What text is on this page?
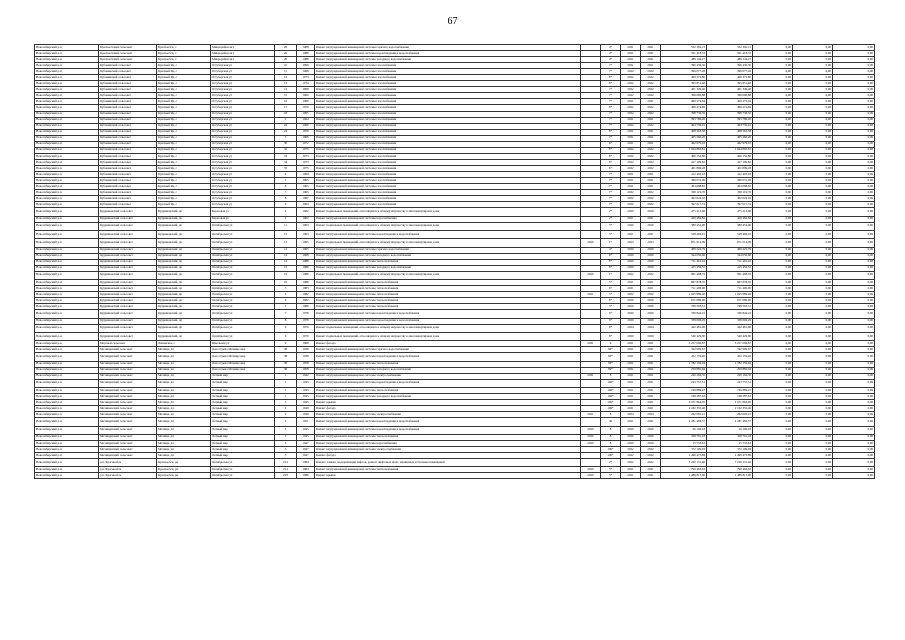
67
Новосибирский р-н	Краснообский сельсовет	Краснообск, с	Микрорайон мгу	26	1988	Ремонт внутридомовой инженерной системы горячего водоснабжения		4*	2021	2021	552 392,15	552 392,15	0,00	0,00	0,00
Новосибирский р-н	Краснообский сельсовет	Краснообск, с	Микрорайон мгу	26	1988	Ремонт внутридомовой инженерной системы водоотведения и водоснабжения		4*	2021	2021	591 418,33	591 418,33	0,00	0,00	0,00
Новосибирский р-н	Краснообский сельсовет	Краснообск, с	Микрорайон мгу	26	1988	Ремонт внутридомовой инженерной системы холодного водоснабжения		4*	2021	2021	489 144,27	489 144,27	0,00	0,00	0,00
Новосибирский р-н	Кубовинский сельсовет	Красный Яр, с	Octyбepская ул	10	1966	Ремонт внутридомовой инженерной системы газоснабжения		7*	2021	2021	396 436,36	396 436,36	0,00	0,00	0,00
Новосибирский р-н	Кубовинский сельсовет	Красный Яр, с	Octyбepская ул	11	1968	Ремонт внутридомовой инженерной системы газоснабжения		7*	2022	2022	399 077,26	399 077,26	0,00	0,00	0,00
Новосибирский р-н	Кубовинский сельсовет	Красный Яр, с	Octyбepская ул	12	1973	Ремонт внутридомовой инженерной системы газоснабжения		6*	2022	2022	409 372,80	409 372,80	0,00	0,00	0,00
Новосибирский р-н	Кубовинский сельсовет	Красный Яр, с	Octyбepская ул	13	1974	Ремонт внутридомовой инженерной системы газоснабжения		6*	2022	2022	395 851,48	395 851,48	0,00	0,00	0,00
Новосибирский р-н	Кубовинский сельсовет	Красный Яр, с	Octyбepская ул	14	1968	Ремонт внутридомовой инженерной системы газоснабжения		7*	2022	2022	401 349,40	401 349,40	0,00	0,00	0,00
Новосибирский р-н	Кубовинский сельсовет	Красный Яр, с	Octyбepская ул	15	1969	Ремонт внутридомовой инженерной системы газоснабжения		7*	2022	2022	398 090,88	398 090,88	0,00	0,00	0,00
Новосибирский р-н	Кубовинский сельсовет	Красный Яр, с	Octyбepская ул	16	1969	Ремонт внутридомовой инженерной системы газоснабжения		7*	2021	2021	400 274,64	400 274,64	0,00	0,00	0,00
Новосибирский р-н	Кубовинский сельсовет	Красный Яр, с	Octyбepская ул	17	1970	Ремонт внутридомовой инженерной системы газоснабжения		6*	2022	2022	406 274,69	406 274,69	0,00	0,00	0,00
Новосибирский р-н	Кубовинский сельсовет	Красный Яр, с	Octyбepская ул	18	1965	Ремонт внутридомовой инженерной системы газоснабжения		7*	2022	2022	398 736,35	398 736,35	0,00	0,00	0,00
Новосибирский р-н	Кубовинский сельсовет	Красный Яр, с	Octyбepская ул	2	1964	Ремонт внутридомовой инженерной системы газоснабжения		7*	2021	2021	393 786,20	393 786,20	0,00	0,00	0,00
Новосибирский р-н	Кубовинский сельсовет	Красный Яр, с	Octyбepская ул	22	1966	Ремонт внутридомовой инженерной системы газоснабжения		7*	2022	2022	404 736,01	404 736,01	0,00	0,00	0,00
Новосибирский р-н	Кубовинский сельсовет	Красный Яр, с	Octyбepская ул	24	1970	Ремонт внутридомовой инженерной системы газоснабжения		6*	2021	2021	408 563,58	408 563,58	0,00	0,00	0,00
Новосибирский р-н	Кубовинский сельсовет	Красный Яр, с	Octyбepская ул	3	1966	Ремонт внутридомовой инженерной системы газоснабжения		7*	2021	2021	405 266,20	405 266,20	0,00	0,00	0,00
Новосибирский р-н	Кубовинский сельсовет	Красный Яр, с	Octyбepская ул	30	1972	Ремонт внутридомовой инженерной системы газоснабжения		6*	2021	2021	462 979,10	462 979,10	0,00	0,00	0,00
Новосибирский р-н	Кубовинский сельсовет	Красный Яр, с	Octyбepская ул	32	1975	Ремонт внутридомовой инженерной системы газоснабжения		6*	2022	2022	1 044 865,81	1 044 865,81	0,00	0,00	0,00
Новосибирский р-н	Кубовинский сельсовет	Красный Яр, с	Octyбepская ул	33	1973	Ремонт внутридомовой инженерной системы газоснабжения		6*	2022	2022	406 156,80	406 156,80	0,00	0,00	0,00
Новосибирский р-н	Кубовинский сельсовет	Красный Яр, с	Octyбepская ул	34	1973	Ремонт внутридомовой инженерной системы газоснабжения		6*	2022	2022	417 109,62	417 109,62	0,00	0,00	0,00
Новосибирский р-н	Кубовинский сельсовет	Красный Яр, с	Octyбepская ул	35	1975	Ремонт внутридомовой инженерной системы газоснабжения		6*	2022	2022	401 899,28	401 899,28	0,00	0,00	0,00
Новосибирский р-н	Кубовинский сельсовет	Красный Яр, с	Octyбepская ул	4	1964	Ремонт внутридомовой инженерной системы газоснабжения		7*	2021	2021	412 403,43	412 403,43	0,00	0,00	0,00
Новосибирский р-н	Кубовинский сельсовет	Красный Яр, с	Octyбepская ул	5	1965	Ремонт внутридомовой инженерной системы газоснабжения		7*	2021	2021	396 031,06	396 031,06	0,00	0,00	0,00
Новосибирский р-н	Кубовинский сельсовет	Красный Яр, с	Octyбepская ул	6	1965	Ремонт внутридомовой инженерной системы газоснабжения		7*	2021	2021	404 688,82	404 688,82	0,00	0,00	0,00
Новосибирский р-н	Кубовинский сельсовет	Красный Яр, с	Octyбepская ул	7	1965	Ремонт внутридомовой инженерной системы газоснабжения		7*	2022	2022	390 119,70	390 119,70	0,00	0,00	0,00
Новосибирский р-н	Кубовинский сельсовет	Красный Яр, с	Octyбepская ул	8	1967	Ремонт внутридомовой инженерной системы газоснабжения		7*	2022	2022	402 024,10	402 024,10	0,00	0,00	0,00
Новосибирский р-н	Кубовинский сельсовет	Красный Яр, с	Octyбepская ул	9	1964	Ремонт внутридомовой инженерной системы газоснабжения		7*	2022	2022	397 017,74	397 017,74	0,00	0,00	0,00
Новосибирский р-н	Кудряшовский сельсовет	Кудряшовский, дп	Береговая ул	2	1962	Ремонт подвальных помещений, относящихся к общему имуществу в многоквартирном доме		2*	2020	2020	475 213,00	475 213,00	0,00	0,00	0,00
Новосибирский р-н	Кудряшовский сельсовет	Кудряшовский, дп	Береговая ул	2	1962	Ремонт внутридомовой инженерной системы водоснабжения		2*	2021	2021	420 482,82	420 482,82	0,00	0,00	0,00
Новосибирский р-н	Кудряшовский сельсовет	Кудряшовский, дп	Октябрьская ул	11	1963	Ремонт подвальных помещений, относящихся к общему имуществу в многоквартирном доме		5*	2020	2020	380 454,06	380 454,06	0,00	0,00	0,00
Новосибирский р-н	Кудряшовский сельсовет	Кудряшовский, дп	Октябрьская ул	12	1963	Ремонт внутридомовой инженерной системы водоотведения и водоснабжения		5*	2021	2021	528 469,01	528 469,01	0,00	0,00	0,00
Новосибирский р-н	Кудряшовский сельсовет	Кудряшовский, дп	Октябрьская ул	13	1965	Ремонт подвальных помещений, относящихся к общему имуществу в многоквартирном доме	2020	1*	2023	2023	871 014,09	871 014,09	0,00	0,00	0,00
Новосибирский р-н	Кудряшовский сельсовет	Кудряшовский, дп	Октябрьская ул	13	1965	Ремонт внутридомовой инженерной системы горячего водоснабжения		4*	2020	2020	409 222,79	409 222,79	0,00	0,00	0,00
Новосибирский р-н	Кудряшовский сельсовет	Кудряшовский, дп	Октябрьская ул	14	1968	Ремонт внутридомовой инженерной системы холодного водоснабжения		6*	2020	2020	344 050,66	344 050,66	0,00	0,00	0,00
Новосибирский р-н	Кудряшовский сельсовет	Кудряшовский, дп	Октябрьская ул	14	1988	Ремонт внутридомовой инженерной системы теплоснабжения		6*	2020	2020	711 461,42	711 461,42	0,00	0,00	0,00
Новосибирский р-н	Кудряшовский сельсовет	Кудряшовский, дп	Октябрьская ул	15	1986	Ремонт внутридомовой инженерной системы холодного водоснабжения		6*	2020	2020	415 459,52	415 459,52	0,00	0,00	0,00
Новосибирский р-н	Кудряшовский сельсовет	Кудряшовский, дп	Октябрьская ул	16	1986	Ремонт подвальных помещений, относящихся к общему имуществу в многоквартирном доме	2020	1*	2022	2022	991 408,76	991 408,76	0,00	0,00	0,00
Новосибирский р-н	Кудряшовский сельсовет	Кудряшовский, дп	Октябрьская ул	16	1986	Ремонт внутридомовой инженерной системы теплоснабжения		5*	2021	2021	867 878,35	867 878,35	0,00	0,00	0,00
Новосибирский р-н	Кудряшовский сельсовет	Кудряшовский, дп	Октябрьская ул	3	1983	Ремонт внутридомовой инженерной системы теплоснабжения		6*	2021	2021	711 406,00	711 406,00	0,00	0,00	0,00
Новосибирский р-н	Кудряшовский сельсовет	Кудряшовский, дп	Октябрьская ул	5	1982	Ремонт внутридомовой инженерной системы теплоснабжения	2021	5*	2022	2022	1 025 989,40	1 025 989,40	0,00	0,00	0,00
Новосибирский р-н	Кудряшовский сельсовет	Кудряшовский, дп	Октябрьская ул	6	1982	Ремонт внутридомовой инженерной системы теплоснабжения		6*	2020	2020	671 080,00	671 080,00	0,00	0,00	0,00
Новосибирский р-н	Кудряшовский сельсовет	Кудряшовский, дп	Октябрьская ул	7	1986	Ремонт внутридомовой инженерной системы теплоснабжения		5*	2020	2020	768 593,51	768 593,51	0,00	0,00	0,00
Новосибирский р-н	Кудряшовский сельсовет	Кудряшовский, дп	Октябрьская ул	7	1978	Ремонт внутридомовой инженерной системы водоотведения и водоснабжения		6*	2020	2020	336 844,22	336 844,22	0,00	0,00	0,00
Новосибирский р-н	Кудряшовский сельсовет	Кудряшовский, дп	Октябрьская ул	8	1978	Ремонт внутридомовой инженерной системы водоотведения и водоснабжения		6*	2020	2020	338 006,29	338 006,29	0,00	0,00	0,00
Новосибирский р-н	Кудряшовский сельсовет	Кудряшовский, дп	Октябрьская ул	9	1979	Ремонт подвальных помещений, относящихся к общему имуществу в многоквартирном доме		6*	2024	2024	442 481,96	442 481,96	0,00	0,00	0,00
Новосибирский р-н	Кудряшовский сельсовет	Кудряшовский, дп	Октябрьская ул	9	1979	Ремонт подвальных помещений, относящихся к общему имуществу в многоквартирном доме		6*	2020	2020	540 429,00	540 429,00	0,00	0,00	0,00
Новосибирский р-н	Морской сельсовет	Ленинское, с	Школьная ул	9	1968	Ремонт фасада	2021	6	2021	2021	3 257 096,87	3 257 096,87	0,00	0,00	0,00
Новосибирский р-н	Мочищенский сельсовет	Мочище, дп	Дом отдыха Мочище мкр	38	1938	Ремонт внутридомовой инженерной системы горячего водоснабжения		89*	2021	2021	342 999,67	342 999,67	0,00	0,00	0,00
Новосибирский р-н	Мочищенский сельсовет	Мочище, дп	Дом отдыха Мочище мкр	38	1938	Ремонт внутридомовой инженерной системы водоотведения и водоснабжения		89*	2021	2021	452 159,46	452 159,46	0,00	0,00	0,00
Новосибирский р-н	Мочищенский сельсовет	Мочище, дп	Дом отдыха Мочище мкр	38	1958	Ремонт внутридомовой инженерной системы теплоснабжения		89*	2021	2021	1 782 159,04	1 782 159,04	0,00	0,00	0,00
Новосибирский р-н	Мочищенский сельсовет	Мочище, дп	Дом отдыха Мочище мкр	38	1958	Ремонт внутридомовой инженерной системы холодного водоснабжения		89*	2021	2021	259 882,94	259 882,94	0,00	0,00	0,00
Новосибирский р-н	Мочищенский сельсовет	Мочище, дп	Летный мкр	1	1942	Ремонт внутридомовой инженерной системы электроснабжения	2021	8	2021	2021	220 194,35	220 194,35	0,00	0,00	0,00
Новосибирский р-н	Мочищенский сельсовет	Мочище, дп	Летный мкр	1	1945	Ремонт внутридомовой инженерной системы водоотведения и водоснабжения		106*	2021	2021	243 757,51	243 757,51	0,00	0,00	0,00
Новосибирский р-н	Мочищенский сельсовет	Мочище, дп	Летный мкр	1	1945	Ремонт внутридомовой инженерной системы теплоснабжения		106*	2021	2021	749 889,47	749 889,47	0,00	0,00	0,00
Новосибирский р-н	Мочищенский сельсовет	Мочище, дп	Летный мкр	1	1945	Ремонт внутридомовой инженерной системы холодного водоснабжения		106*	2021	2021	198 287,63	198 287,63	0,00	0,00	0,00
Новосибирский р-н	Мочищенский сельсовет	Мочище, дп	Летный мкр	1	1945	Ремонт крыши		106*	2021	2021	2 071 864,95	2 071 864,95	0,00	0,00	0,00
Новосибирский р-н	Мочищенский сельсовет	Мочище, дп	Летный мкр	2	1949	Ремонт фасада		106*	2021	2021	2 162 355,40	2 162 355,40	0,00	0,00	0,00
Новосибирский р-н	Мочищенский сельсовет	Мочище, дп	Летный мкр	2	1949	Ремонт внутридомовой инженерной системы электроснабжения	2021	8	2024	2024	262 605,41	262 605,41	0,00	0,00	0,00
Новосибирский р-н	Мочищенский сельсовет	Мочище, дп	Летный мкр	2	1951	Ремонт внутридомовой инженерной системы водоотведения и водоснабжения		36	2021	2021	2 281 482,57	2 281 482,57	0,00	0,00	0,00
Новосибирский р-н	Мочищенский сельсовет	Мочище, дп	Летный мкр	3	1945	Ремонт внутридомовой инженерной системы водоотведения и водоснабжения	2020	8	2020	2020	26 196,18	26 196,18	0,00	0,00	0,00
Новосибирский р-н	Мочищенский сельсовет	Мочище, дп	Летный мкр	3	1945	Ремонт внутридомовой инженерной системы теплоснабжения	2020	8	2020	2020	328 791,18	328 791,18	0,00	0,00	0,00
Новосибирский р-н	Мочищенский сельсовет	Мочище, дп	Летный мкр	5	1947	Ремонт внутридомовой инженерной системы водоснабжения	2020	8	2020	2020	15 733,63	15 733,63	0,00	0,00	0,00
Новосибирский р-н	Мочищенский сельсовет	Мочище, дп	Летный мкр	5	1947	Ремонт внутридомовой инженерной системы электроснабжения		100*	2022	2022	372 109,93	372 109,93	0,00	0,00	0,00
Новосибирский р-н	Мочищенский сельсовет	Мочище, дп	Летный мкр	5	1947	Ремонт фасада		100*	2022	2022	2 499 473,89	2 499 473,89	0,00	0,00	0,00
Новосибирский р-н	р.п. Краснообск	Краснообск, рп	Октябрьская ул	214	1984	Ремонт, замена, модернизация лифтов, ремонт лифтовых шахт, машинных и блочных помещений		2*	2022	2022	7 220 131,40	7 220 131,40	0,00	0,00	0,00
Новосибирский р-н	р.п. Краснообск	Краснообск, рп	Октябрьская ул	214	1984	Ремонт внутридомовой инженерной системы теплоснабжения	2020	5*	2021	2021	790 464,63	790 464,63	0,00	0,00	0,00
Новосибирский р-н	р.п. Краснообск	Краснообск, рп	Октябрьская ул	218	1986	Ремонт крыши	2020	5*	2021	2021	1 489 817,00	1 489 817,00	0,00	0,00	0,00
